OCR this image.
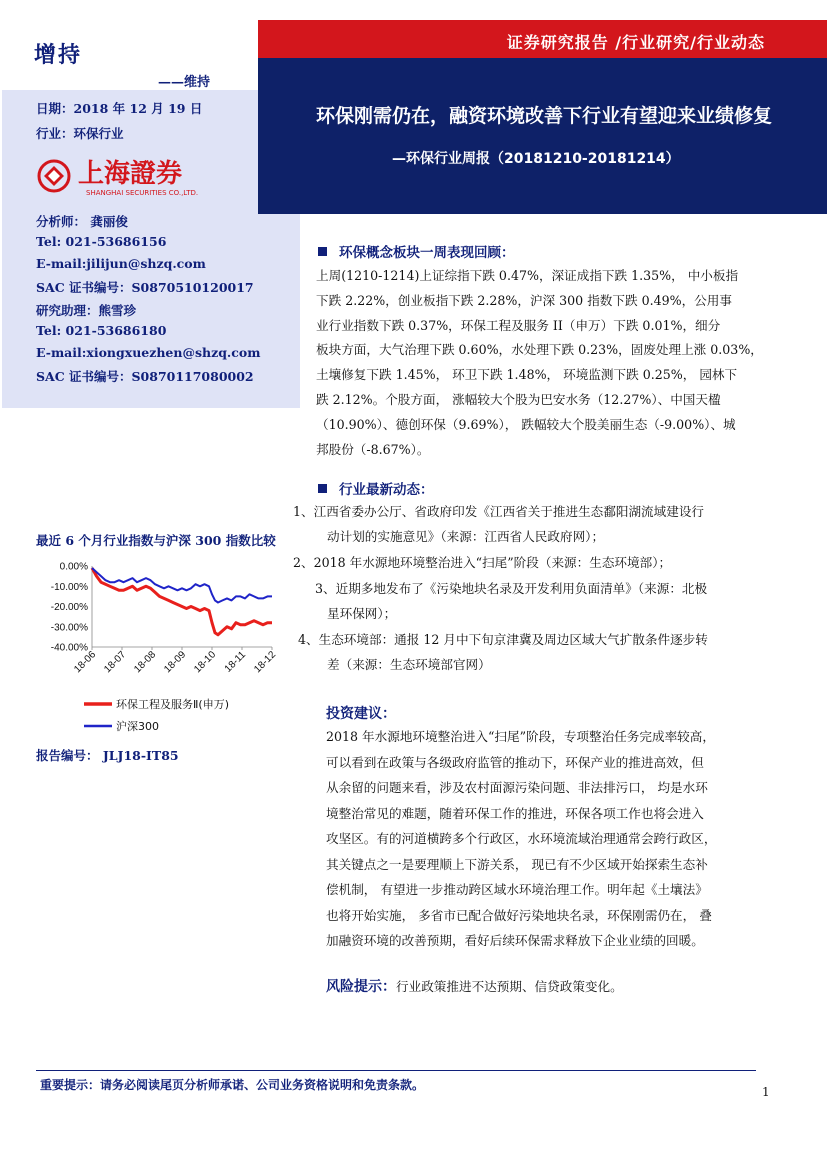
增持
——维持
日期：2018 年 12 月 19 日
行业：环保行业
上海證券
SHANGHAI SECURITIES CO.,LTD.
分析师： 龚丽俊
Tel: 021-53686156
E-mail:jilijun@shzq.com
SAC 证书编号：S0870510120017
研究助理：熊雪珍
Tel: 021-53686180
E-mail:xiongxuezhen@shzq.com
SAC 证书编号：S0870117080002
证券研究报告 /行业研究/行业动态
环保刚需仍在，融资环境改善下行业有望迎来业绩修复
—环保行业周报（20181210-20181214）
环保概念板块一周表现回顾：

上周(1210-1214)上证综指下跌 0.47%，深证成指下跌 1.35%， 中小板指

下跌 2.22%，创业板指下跌 2.28%，沪深 300 指数下跌 0.49%，公用事

业行业指数下跌 0.37%，环保工程及服务 II（申万）下跌 0.01%，细分

板块方面，大气治理下跌 0.60%，水处理下跌 0.23%，固废处理上涨 0.03%，

土壤修复下跌 1.45%， 环卫下跌 1.48%， 环境监测下跌 0.25%， 园林下

跌 2.12%。个股方面， 涨幅较大个股为巴安水务（12.27%）、中国天楹

（10.90%）、德创环保（9.69%）， 跌幅较大个股美丽生态（-9.00%）、城

邦股份（-8.67%）。

行业最新动态：
1、江西省委办公厅、省政府印发《江西省关于推进生态鄱阳湖流域建设行
动计划的实施意见》（来源：江西省人民政府网）；
2、2018 年水源地环境整治进入“扫尾”阶段（来源：生态环境部）；
3、近期多地发布了《污染地块名录及开发利用负面清单》（来源：北极
星环保网）；
4、生态环境部：通报 12 月中下旬京津冀及周边区域大气扩散条件逐步转
差（来源：生态环境部官网）
投资建议：

2018 年水源地环境整治进入“扫尾”阶段，专项整治任务完成率较高，

可以看到在政策与各级政府监管的推动下，环保产业的推进高效，但

从余留的问题来看，涉及农村面源污染问题、非法排污口， 均是水环

境整治常见的难题，随着环保工作的推进，环保各项工作也将会进入

攻坚区。有的河道横跨多个行政区，水环境流域治理通常会跨行政区，

其关键点之一是要理顺上下游关系， 现已有不少区域开始探索生态补

偿机制， 有望进一步推动跨区域水环境治理工作。明年起《土壤法》

也将开始实施， 多省市已配合做好污染地块名录，环保刚需仍在， 叠

加融资环境的改善预期，看好后续环保需求释放下企业业绩的回暖。

风险提示：行业政策推进不达预期、信贷政策变化。
最近 6 个月行业指数与沪深 300 指数比较
0.00%
-10.00%
-20.00%
-30.00%
-40.00%
18-06 18-07 18-08 18-09 18-10 18-11 18-12
环保工程及服务Ⅱ(申万)
沪深300
报告编号： JLJ18-IT85
重要提示：请务必阅读尾页分析师承诺、公司业务资格说明和免责条款。	1
